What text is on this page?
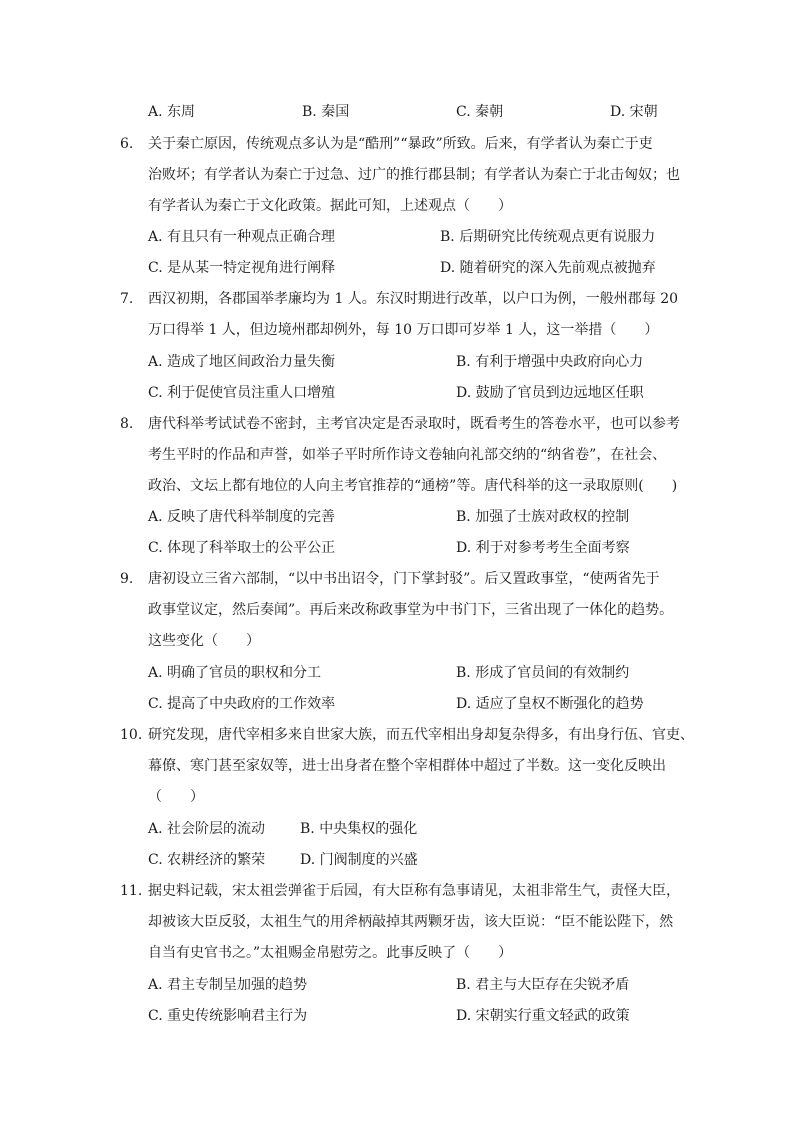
A. 东周	B. 秦国	C. 秦朝	D. 宋朝
6. 关于秦亡原因，传统观点多认为是“酷刑”“暴政”所致。后来，有学者认为秦亡于吏
治败坏；有学者认为秦亡于过急、过广的推行郡县制；有学者认为秦亡于北击匈奴；也
有学者认为秦亡于文化政策。据此可知，上述观点（　　）
A. 有且只有一种观点正确合理	B. 后期研究比传统观点更有说服力
C. 是从某一特定视角进行阐释	D. 随着研究的深入先前观点被抛弃
7. 西汉初期，各郡国举孝廉均为 1 人。东汉时期进行改革，以户口为例，一般州郡每 20
万口得举 1 人，但边境州郡却例外，每 10 万口即可岁举 1 人，这一举措（　　）
A. 造成了地区间政治力量失衡	B. 有利于增强中央政府向心力
C. 利于促使官员注重人口增殖	D. 鼓励了官员到边远地区任职
8. 唐代科举考试试卷不密封，主考官决定是否录取时，既看考生的答卷水平，也可以参考
考生平时的作品和声誉，如举子平时所作诗文卷轴向礼部交纳的“纳省卷”，在社会、
政治、文坛上都有地位的人向主考官推荐的“通榜”等。唐代科举的这一录取原则(　　)
A. 反映了唐代科举制度的完善	B. 加强了士族对政权的控制
C. 体现了科举取士的公平公正	D. 利于对参考考生全面考察
9. 唐初设立三省六部制，“以中书出诏令，门下掌封驳”。后又置政事堂，“使两省先于
政事堂议定，然后奏闻”。再后来改称政事堂为中书门下，三省出现了一体化的趋势。
这些变化（　　）
A. 明确了官员的职权和分工	B. 形成了官员间的有效制约
C. 提高了中央政府的工作效率	D. 适应了皇权不断强化的趋势
10. 研究发现，唐代宰相多来自世家大族，而五代宰相出身却复杂得多，有出身行伍、官吏、
幕僚、寒门甚至家奴等，进士出身者在整个宰相群体中超过了半数。这一变化反映出
（　　）
A. 社会阶层的流动 B. 中央集权的强化
C. 农耕经济的繁荣 D. 门阀制度的兴盛
11. 据史料记载，宋太祖尝弹雀于后园，有大臣称有急事请见，太祖非常生气，责怪大臣，
却被该大臣反驳，太祖生气的用斧柄敲掉其两颗牙齿，该大臣说：“臣不能讼陛下，然
自当有史官书之。”太祖赐金帛慰劳之。此事反映了（　　）
A. 君主专制呈加强的趋势	B. 君主与大臣存在尖锐矛盾
C. 重史传统影响君主行为	D. 宋朝实行重文轻武的政策
